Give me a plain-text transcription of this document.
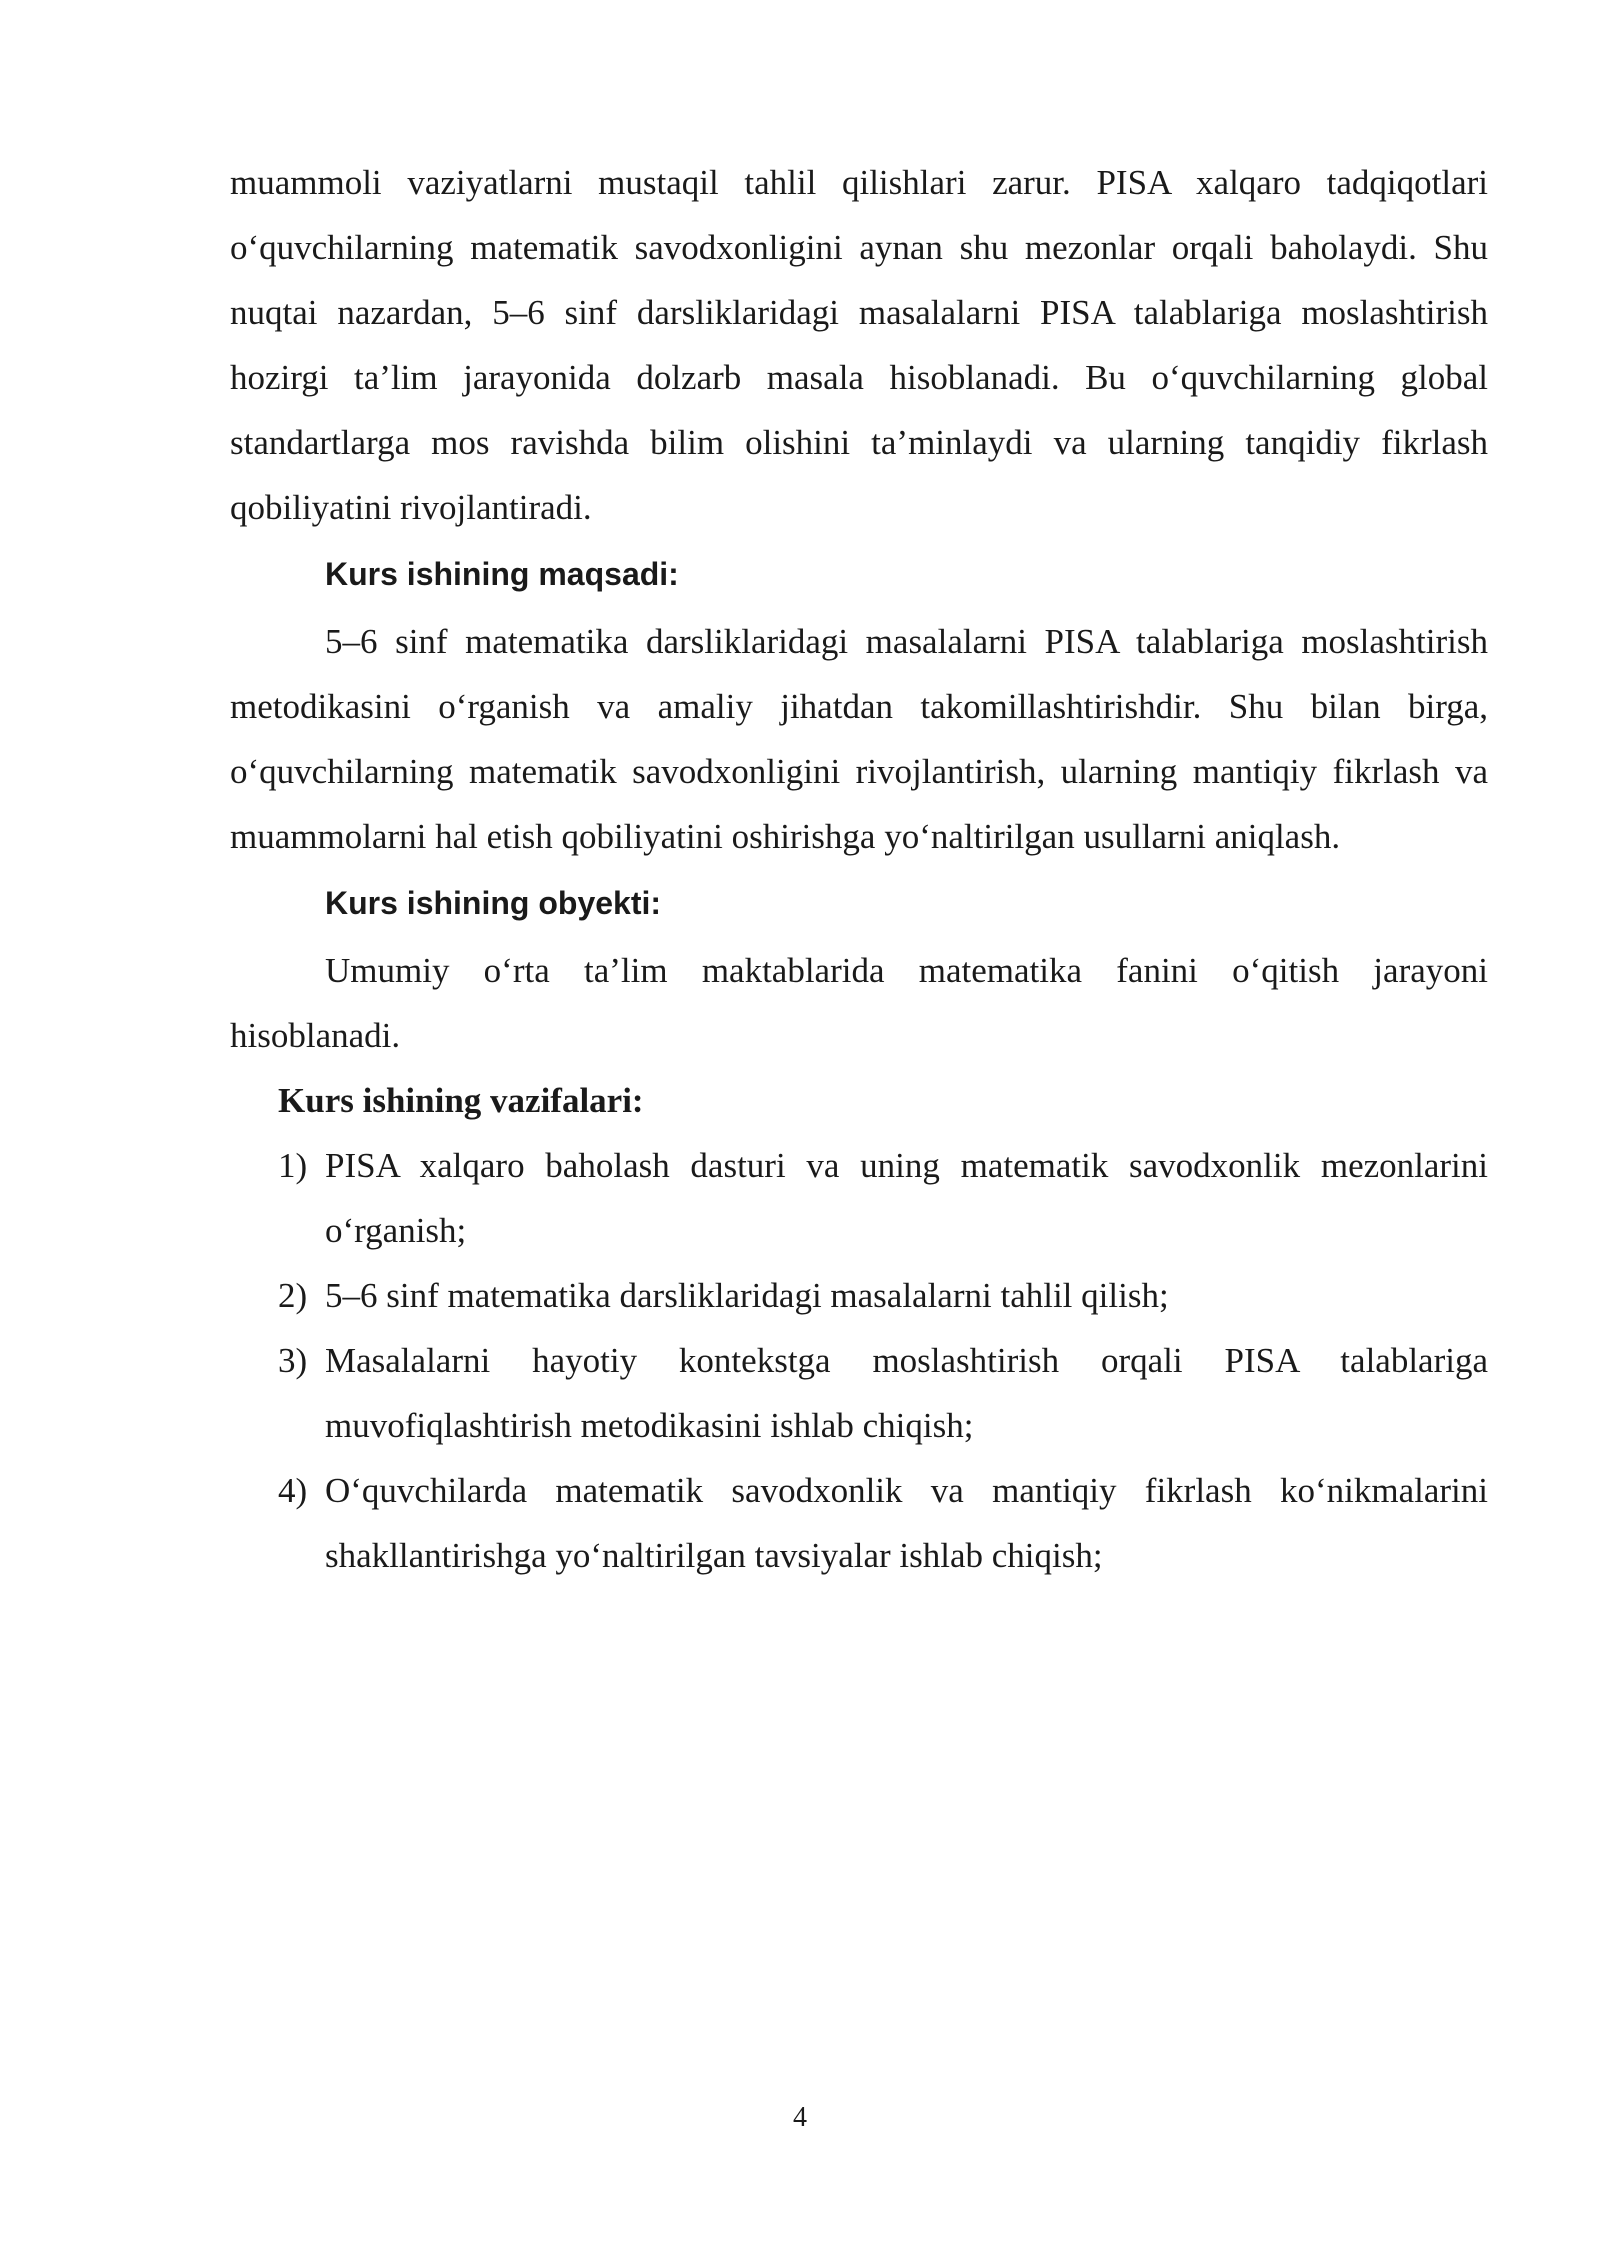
muammoli vaziyatlarni mustaqil tahlil qilishlari zarur. PISA xalqaro tadqiqotlari o‘quvchilarning matematik savodxonligini aynan shu mezonlar orqali baholaydi. Shu nuqtai nazardan, 5–6 sinf darsliklaridagi masalalarni PISA talablariga moslashtirish hozirgi ta’lim jarayonida dolzarb masala hisoblanadi. Bu o‘quvchilarning global standartlarga mos ravishda bilim olishini ta’minlaydi va ularning tanqidiy fikrlash qobiliyatini rivojlantiradi.

Kurs ishining maqsadi:

5–6 sinf matematika darsliklaridagi masalalarni PISA talablariga moslashtirish metodikasini o‘rganish va amaliy jihatdan takomillashtirishdir. Shu bilan birga, o‘quvchilarning matematik savodxonligini rivojlantirish, ularning mantiqiy fikrlash va muammolarni hal etish qobiliyatini oshirishga yo‘naltirilgan usullarni aniqlash.

Kurs ishining obyekti:

Umumiy o‘rta ta’lim maktablarida matematika fanini o‘qitish jarayoni hisoblanadi.

Kurs ishining vazifalari:
1) PISA xalqaro baholash dasturi va uning matematik savodxonlik mezonlarini o‘rganish;
2) 5–6 sinf matematika darsliklaridagi masalalarni tahlil qilish;
3) Masalalarni hayotiy kontekstga moslashtirish orqali PISA talablariga muvofiqlashtirish metodikasini ishlab chiqish;
4) O‘quvchilarda matematik savodxonlik va mantiqiy fikrlash ko‘nikmalarini shakllantirishga yo‘naltirilgan tavsiyalar ishlab chiqish;
4
